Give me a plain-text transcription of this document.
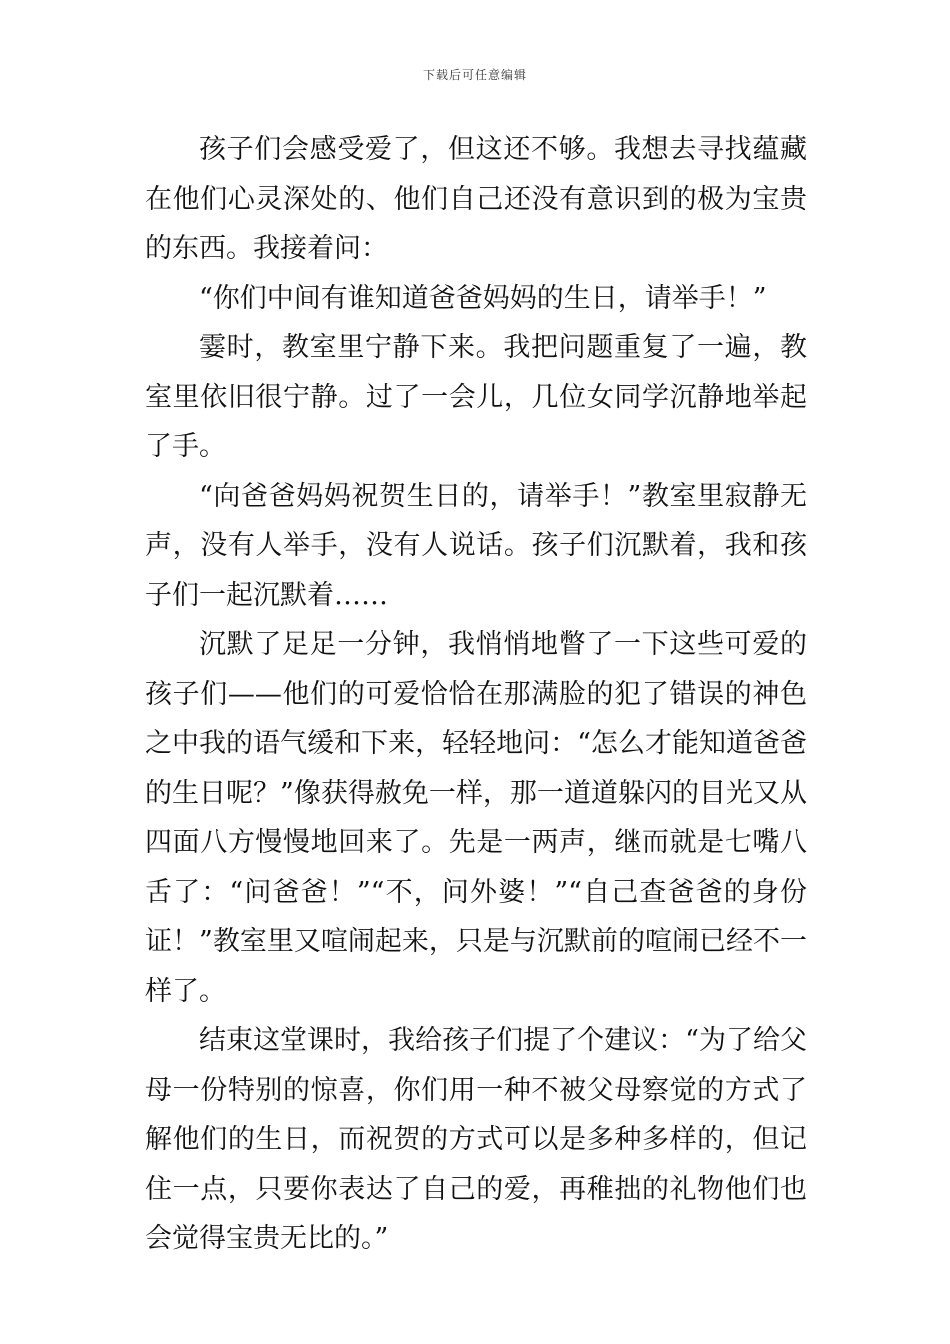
下载后可任意编辑

孩子们会感受爱了，但这还不够。我想去寻找蕴藏在他们心灵深处的、他们自己还没有意识到的极为宝贵的东西。我接着问：

“你们中间有谁知道爸爸妈妈的生日，请举手！”

霎时，教室里宁静下来。我把问题重复了一遍，教室里依旧很宁静。过了一会儿，几位女同学沉静地举起了手。

“向爸爸妈妈祝贺生日的，请举手！”教室里寂静无声，没有人举手，没有人说话。孩子们沉默着，我和孩子们一起沉默着……

沉默了足足一分钟，我悄悄地瞥了一下这些可爱的孩子们——他们的可爱恰恰在那满脸的犯了错误的神色之中我的语气缓和下来，轻轻地问：“怎么才能知道爸爸的生日呢？”像获得赦免一样，那一道道躲闪的目光又从四面八方慢慢地回来了。先是一两声，继而就是七嘴八舌了：“问爸爸！”“不，问外婆！”“自己查爸爸的身份证！”教室里又喧闹起来，只是与沉默前的喧闹已经不一样了。

结束这堂课时，我给孩子们提了个建议：“为了给父母一份特别的惊喜，你们用一种不被父母察觉的方式了解他们的生日，而祝贺的方式可以是多种多样的，但记住一点，只要你表达了自己的爱，再稚拙的礼物他们也会觉得宝贵无比的。”
